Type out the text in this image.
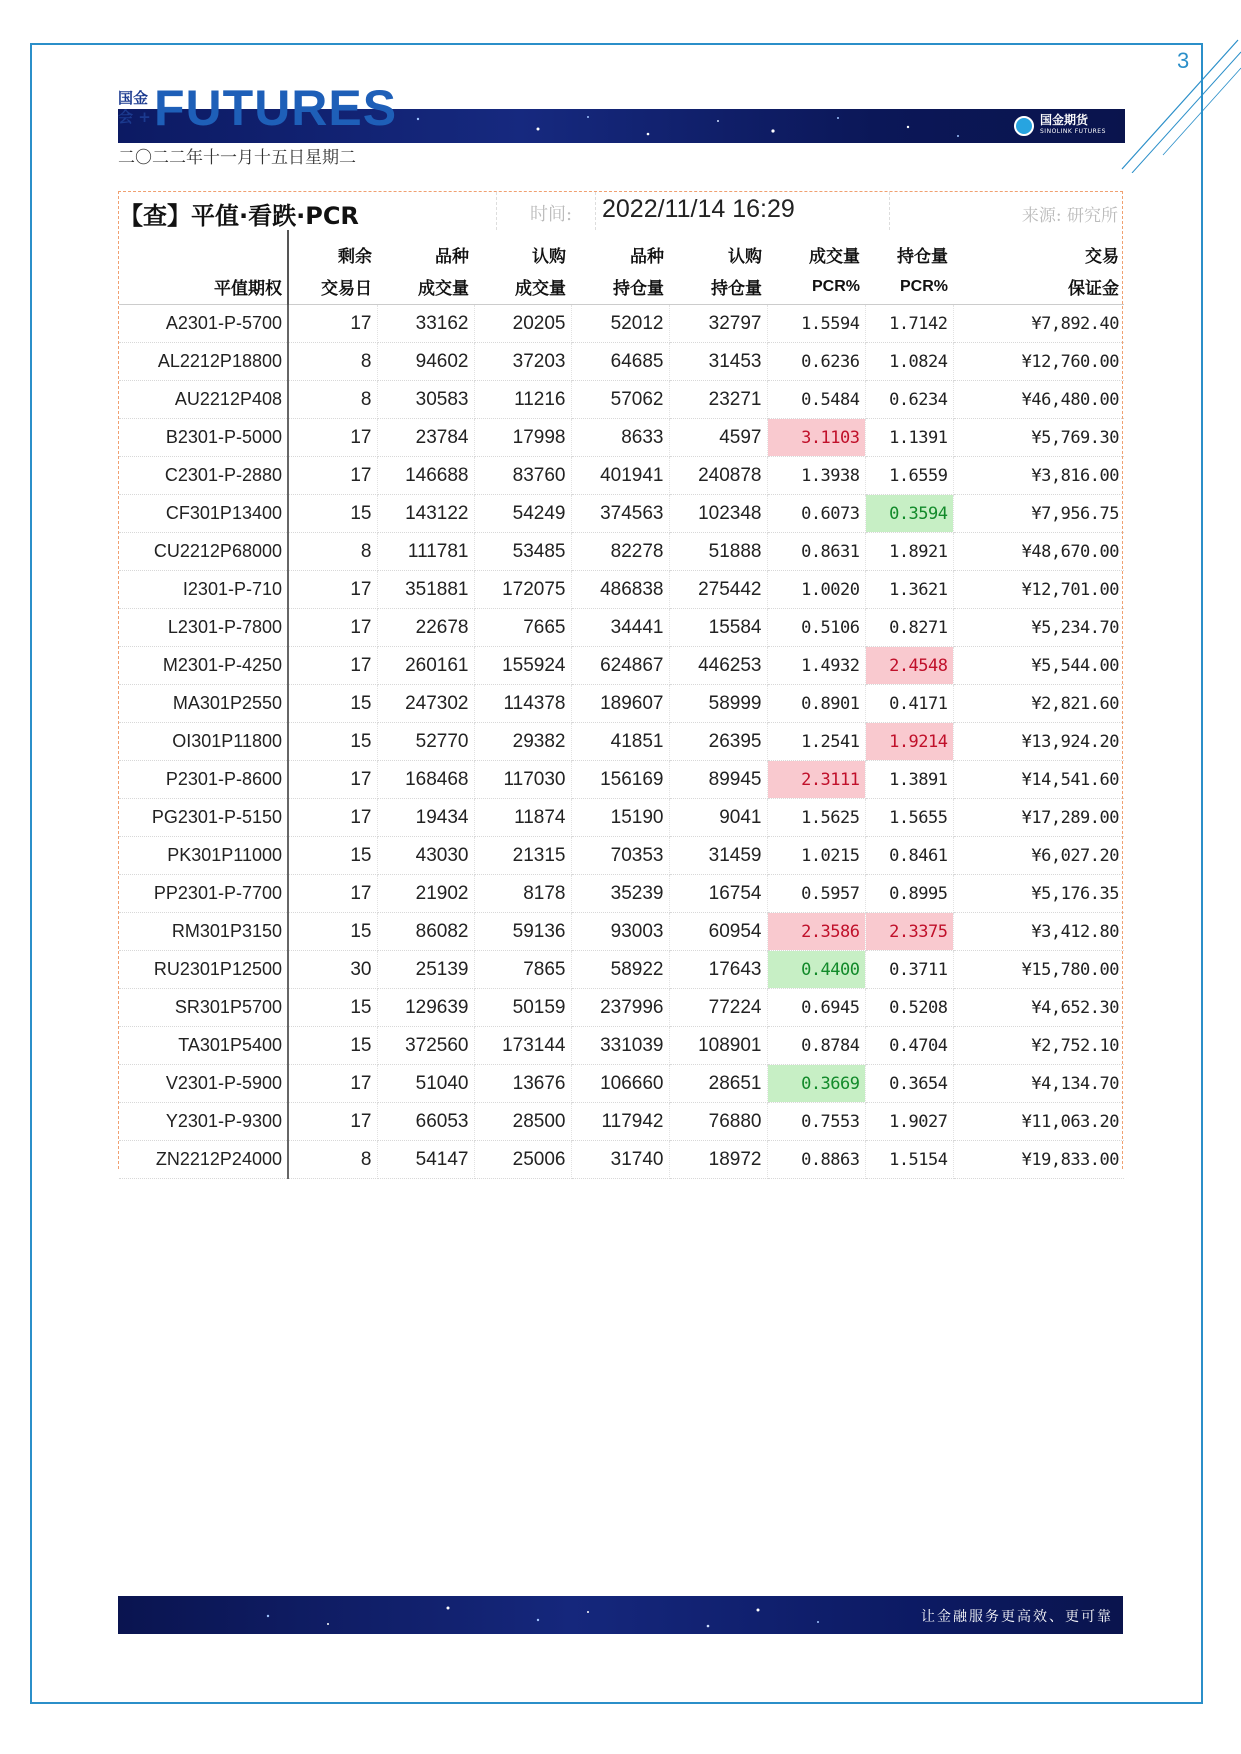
3
国金
会 + FUTURES	国金期货
SINOLINK FUTURES
二〇二二年十一月十五日星期二
【查】平值·看跌·PCR	时间: 2022/11/14 16:29	来源: 研究所
	剩余	品种	认购	品种	认购	成交量	持仓量	交易
平值期权	交易日	成交量	成交量	持仓量	持仓量	PCR%	PCR%	保证金
A2301-P-5700	17	33162	20205	52012	32797	1.5594	1.7142	¥7,892.40
AL2212P18800	8	94602	37203	64685	31453	0.6236	1.0824	¥12,760.00
AU2212P408	8	30583	11216	57062	23271	0.5484	0.6234	¥46,480.00
B2301-P-5000	17	23784	17998	8633	4597	3.1103	1.1391	¥5,769.30
C2301-P-2880	17	146688	83760	401941	240878	1.3938	1.6559	¥3,816.00
CF301P13400	15	143122	54249	374563	102348	0.6073	0.3594	¥7,956.75
CU2212P68000	8	111781	53485	82278	51888	0.8631	1.8921	¥48,670.00
I2301-P-710	17	351881	172075	486838	275442	1.0020	1.3621	¥12,701.00
L2301-P-7800	17	22678	7665	34441	15584	0.5106	0.8271	¥5,234.70
M2301-P-4250	17	260161	155924	624867	446253	1.4932	2.4548	¥5,544.00
MA301P2550	15	247302	114378	189607	58999	0.8901	0.4171	¥2,821.60
OI301P11800	15	52770	29382	41851	26395	1.2541	1.9214	¥13,924.20
P2301-P-8600	17	168468	117030	156169	89945	2.3111	1.3891	¥14,541.60
PG2301-P-5150	17	19434	11874	15190	9041	1.5625	1.5655	¥17,289.00
PK301P11000	15	43030	21315	70353	31459	1.0215	0.8461	¥6,027.20
PP2301-P-7700	17	21902	8178	35239	16754	0.5957	0.8995	¥5,176.35
RM301P3150	15	86082	59136	93003	60954	2.3586	2.3375	¥3,412.80
RU2301P12500	30	25139	7865	58922	17643	0.4400	0.3711	¥15,780.00
SR301P5700	15	129639	50159	237996	77224	0.6945	0.5208	¥4,652.30
TA301P5400	15	372560	173144	331039	108901	0.8784	0.4704	¥2,752.10
V2301-P-5900	17	51040	13676	106660	28651	0.3669	0.3654	¥4,134.70
Y2301-P-9300	17	66053	28500	117942	76880	0.7553	1.9027	¥11,063.20
ZN2212P24000	8	54147	25006	31740	18972	0.8863	1.5154	¥19,833.00
让金融服务更高效、更可靠
